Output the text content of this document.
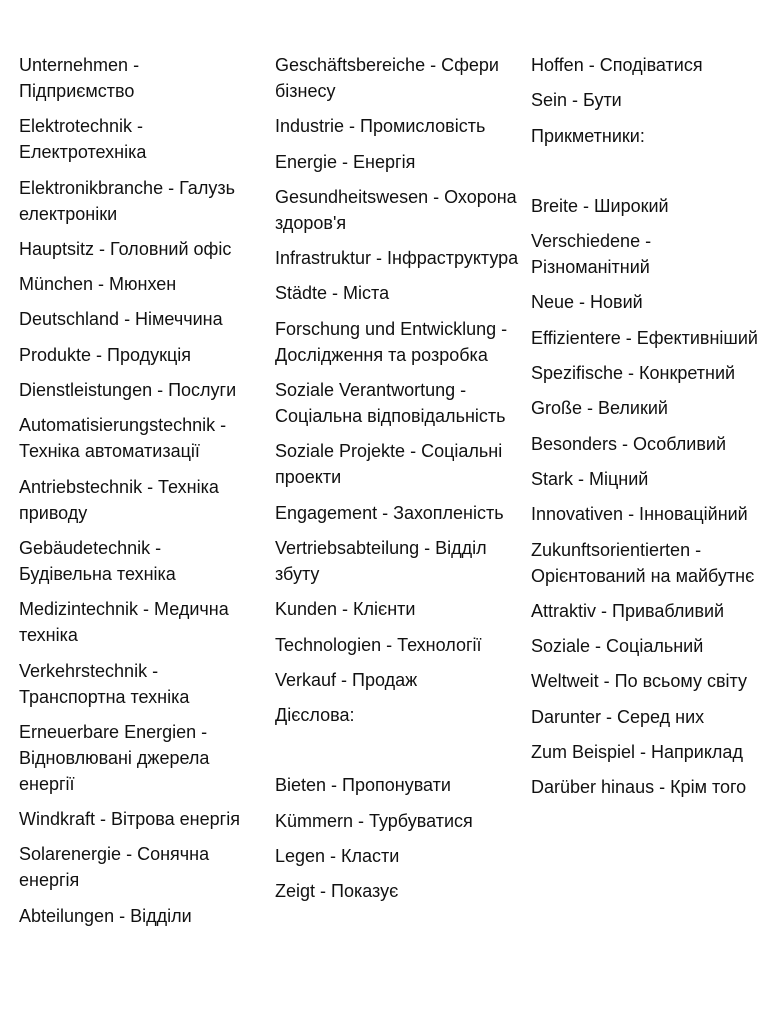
Unternehmen - Підприємство
Elektrotechnik - Електротехніка
Elektronikbranche - Галузь електроніки
Hauptsitz - Головний офіс
München - Мюнхен
Deutschland - Німеччина
Produkte - Продукція
Dienstleistungen - Послуги
Automatisierungstechnik - Техніка автоматизації
Antriebstechnik - Техніка приводу
Gebäudetechnik - Будівельна техніка
Medizintechnik - Медична техніка
Verkehrstechnik - Транспортна техніка
Erneuerbare Energien - Відновлювані джерела енергії
Windkraft - Вітрова енергія
Solarenergie - Сонячна енергія
Abteilungen - Відділи
Geschäftsbereiche - Сфери бізнесу
Industrie - Промисловість
Energie - Енергія
Gesundheitswesen - Охорона здоров'я
Infrastruktur - Інфраструктура
Städte - Міста
Forschung und Entwicklung - Дослідження та розробка
Soziale Verantwortung - Соціальна відповідальність
Soziale Projekte - Соціальні проекти
Engagement - Захопленість
Vertriebsabteilung - Відділ збуту
Kunden - Клієнти
Technologien - Технології
Verkauf - Продаж
Дієслова:
Bieten - Пропонувати
Kümmern - Турбуватися
Legen - Класти
Zeigt - Показує
Hoffen - Сподіватися
Sein - Бути
Прикметники:
Breite - Широкий
Verschiedene - Різноманітний
Neue - Новий
Effizientere - Ефективніший
Spezifische - Конкретний
Große - Великий
Besonders - Особливий
Stark - Міцний
Innovativen - Інноваційний
Zukunftsorientierten - Орієнтований на майбутнє
Attraktiv - Привабливий
Soziale - Соціальний
Weltweit - По всьому світу
Darunter - Серед них
Zum Beispiel - Наприклад
Darüber hinaus - Крім того
